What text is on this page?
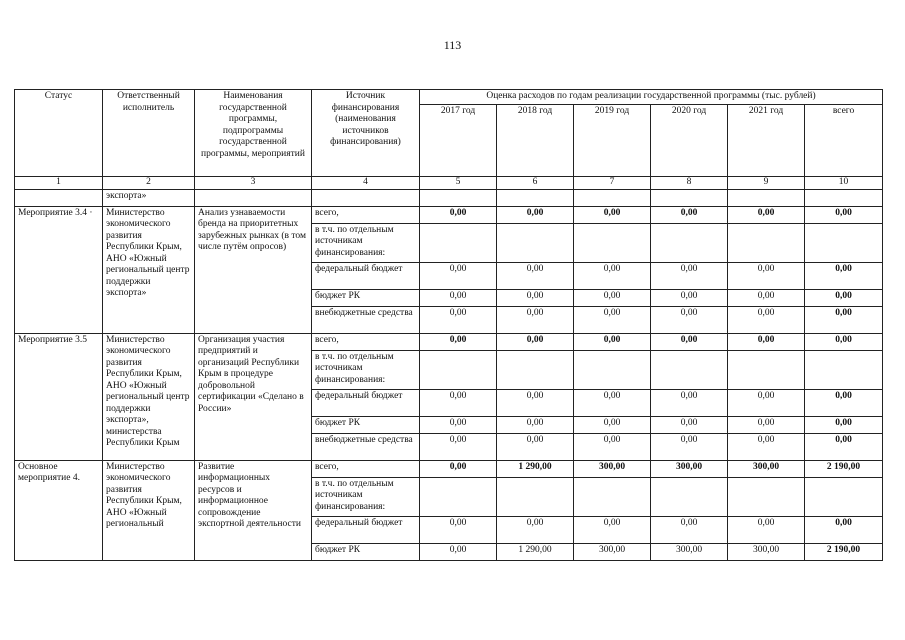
113
Статус	Ответственный исполнитель	Наименования государственной программы, подпрограммы государственной программы, мероприятий	Источник финансирования (наименования источников финансирования)	Оценка расходов по годам реализации государственной программы (тыс. рублей)					
				2017 год	2018 год	2019 год	2020 год	2021 год	всего
1	2	3	4	5	6	7	8	9	10
	экспорта»								
Мероприятие 3.4 ·	Министерство экономического развития Республики Крым, АНО «Южный региональный центр поддержки экспорта»	Анализ узнаваемости бренда на приоритетных зарубежных рынках (в том числе путём опросов)	всего,	0,00	0,00	0,00	0,00	0,00	0,00
			в т.ч. по отдельным источникам финансирования:						
			федеральный бюджет	0,00	0,00	0,00	0,00	0,00	0,00
			бюджет РК	0,00	0,00	0,00	0,00	0,00	0,00
			внебюджетные средства	0,00	0,00	0,00	0,00	0,00	0,00
Мероприятие 3.5	Министерство экономического развития Республики Крым, АНО «Южный региональный центр поддержки экспорта», министерства Республики Крым	Организация участия предприятий и организаций Республики Крым в процедуре добровольной сертификации «Сделано в России»	всего,	0,00	0,00	0,00	0,00	0,00	0,00
			в т.ч. по отдельным источникам финансирования:						
			федеральный бюджет	0,00	0,00	0,00	0,00	0,00	0,00
			бюджет РК	0,00	0,00	0,00	0,00	0,00	0,00
			внебюджетные средства	0,00	0,00	0,00	0,00	0,00	0,00
Основное мероприятие 4.	Министерство экономического развития Республики Крым, АНО «Южный региональный	Развитие информационных ресурсов и информационное сопровождение экспортной деятельности	всего,	0,00	1 290,00	300,00	300,00	300,00	2 190,00
			в т.ч. по отдельным источникам финансирования:						
			федеральный бюджет	0,00	0,00	0,00	0,00	0,00	0,00
			бюджет РК	0,00	1 290,00	300,00	300,00	300,00	2 190,00
